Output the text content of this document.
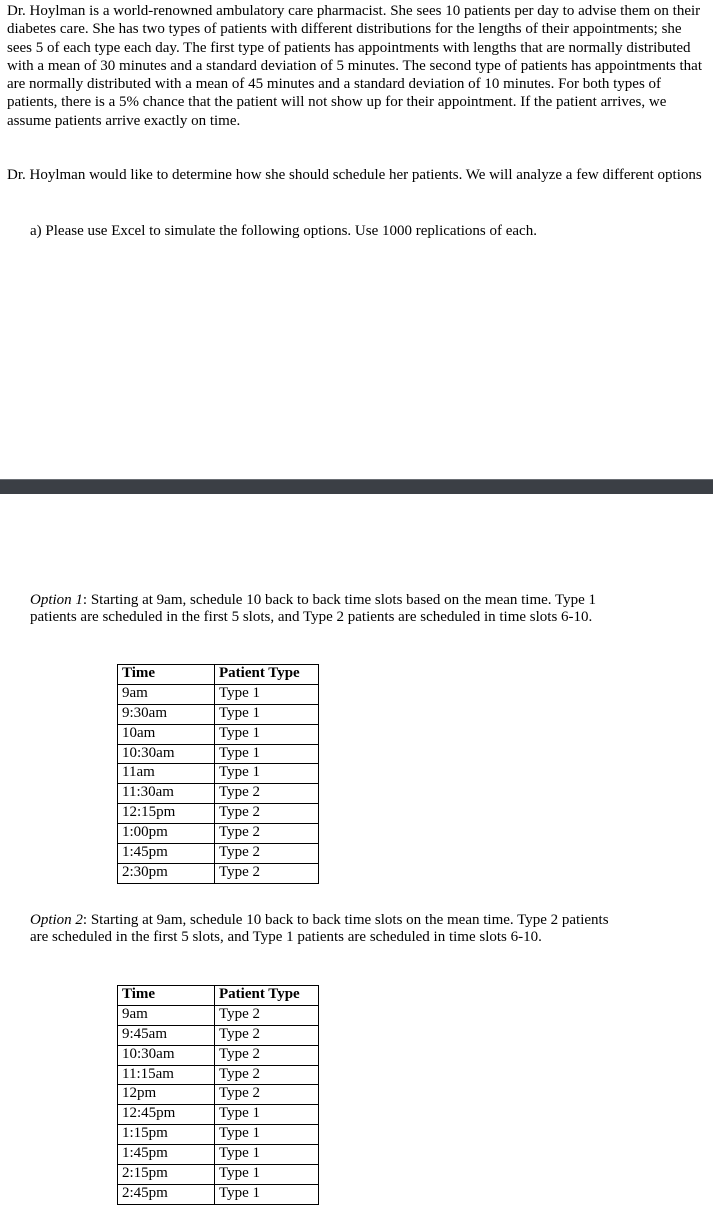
Dr. Hoylman is a world-renowned ambulatory care pharmacist. She sees 10 patients per day to advise them on their diabetes care. She has two types of patients with different distributions for the lengths of their appointments; she sees 5 of each type each day. The first type of patients has appointments with lengths that are normally distributed with a mean of 30 minutes and a standard deviation of 5 minutes. The second type of patients has appointments that are normally distributed with a mean of 45 minutes and a standard deviation of 10 minutes. For both types of patients, there is a 5% chance that the patient will not show up for their appointment. If the patient arrives, we assume patients arrive exactly on time.

Dr. Hoylman would like to determine how she should schedule her patients. We will analyze a few different options

a) Please use Excel to simulate the following options. Use 1000 replications of each.

Option 1: Starting at 9am, schedule 10 back to back time slots based on the mean time. Type 1 patients are scheduled in the first 5 slots, and Type 2 patients are scheduled in time slots 6-10.

Time	Patient Type
9am	Type 1
9:30am	Type 1
10am	Type 1
10:30am	Type 1
11am	Type 1
11:30am	Type 2
12:15pm	Type 2
1:00pm	Type 2
1:45pm	Type 2
2:30pm	Type 2

Option 2: Starting at 9am, schedule 10 back to back time slots on the mean time. Type 2 patients are scheduled in the first 5 slots, and Type 1 patients are scheduled in time slots 6-10.

Time	Patient Type
9am	Type 2
9:45am	Type 2
10:30am	Type 2
11:15am	Type 2
12pm	Type 2
12:45pm	Type 1
1:15pm	Type 1
1:45pm	Type 1
2:15pm	Type 1
2:45pm	Type 1
